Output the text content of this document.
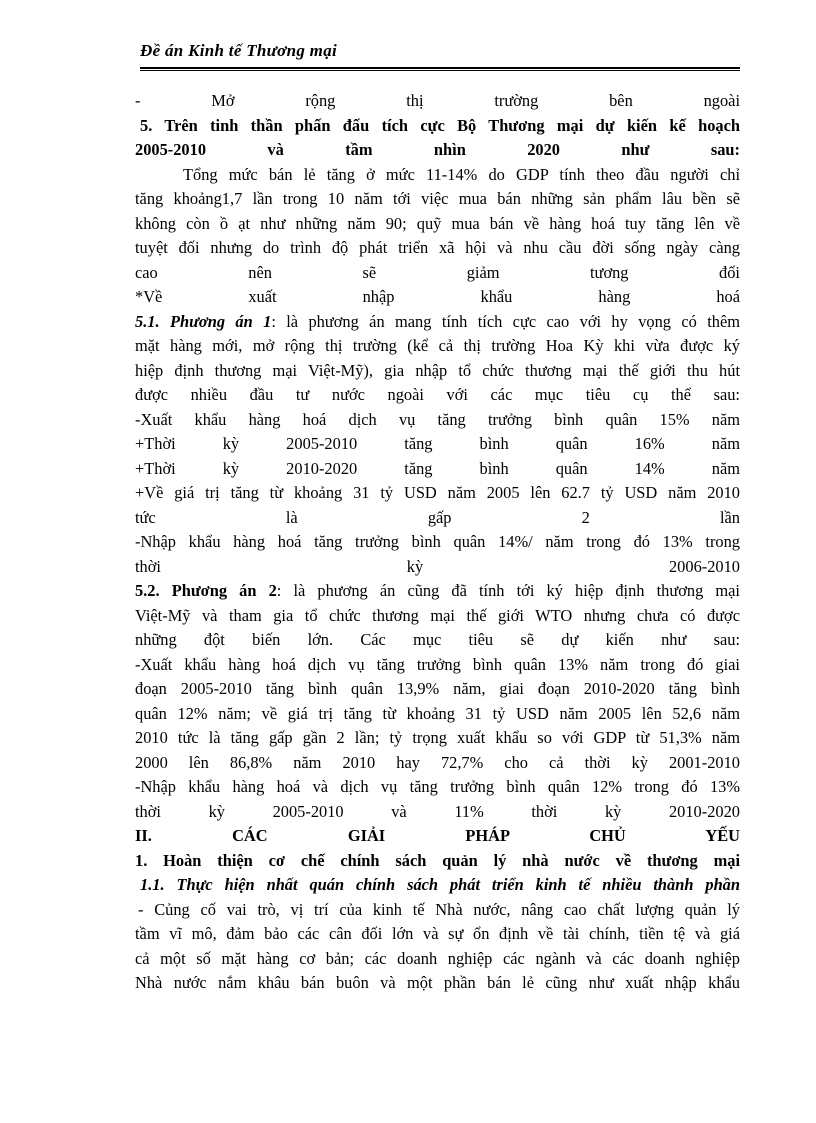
Đề án Kinh tế Thương mại
- Mở rộng thị trường bên ngoài
5. Trên tinh thần phấn đấu tích cực Bộ Thương mại dự kiến kế hoạch
2005-2010 và tầm nhìn 2020 như sau:
Tổng mức bán lẻ tăng ở mức 11-14% do GDP tính theo đầu người chỉ
tăng khoảng1,7 lần trong 10 năm tới việc mua bán những sản phẩm lâu bền sẽ
không còn ồ ạt như những năm 90; quỹ mua bán về hàng hoá tuy tăng lên về
tuyệt đối nhưng do trình độ phát triển xã hội và nhu cầu đời sống ngày càng
cao nên sẽ giảm tương đối
*Về xuất nhập khẩu hàng hoá
5.1. Phương án 1: là phương án mang tính tích cực cao với hy vọng có thêm
mặt hàng mới, mở rộng thị trường (kể cả thị trường Hoa Kỳ khi vừa được ký
hiệp định thương mại Việt-Mỹ), gia nhập tổ chức thương mại thế giới thu hút
được nhiều đầu tư nước ngoài với các mục tiêu cụ thể sau:
-Xuất khẩu hàng hoá dịch vụ tăng trưởng bình quân 15% năm
+Thời kỳ 2005-2010 tăng bình quân 16% năm
+Thời kỳ 2010-2020 tăng bình quân 14% năm
+Về giá trị tăng từ khoảng 31 tỷ USD năm 2005 lên 62.7 tỷ USD năm 2010
tức là gấp 2 lần
-Nhập khẩu hàng hoá tăng trưởng bình quân 14%/ năm trong đó 13% trong
thời kỳ 2006-2010
5.2. Phương án 2: là phương án cũng đã tính tới ký hiệp định thương mại
Việt-Mỹ và tham gia tổ chức thương mại thế giới WTO nhưng chưa có được
những đột biến lớn. Các mục tiêu sẽ dự kiến như sau:
-Xuất khẩu hàng hoá dịch vụ tăng trưởng bình quân 13% năm trong đó giai
đoạn 2005-2010 tăng bình quân 13,9% năm, giai đoạn 2010-2020 tăng bình
quân 12% năm; về giá trị tăng từ khoảng 31 tỷ USD năm 2005 lên 52,6 năm
2010 tức là tăng gấp gần 2 lần; tỷ trọng xuất khẩu so với GDP từ 51,3% năm
2000 lên 86,8% năm 2010 hay 72,7% cho cả thời kỳ 2001-2010
-Nhập khẩu hàng hoá và dịch vụ tăng trưởng bình quân 12% trong đó 13%
thời kỳ 2005-2010 và 11% thời kỳ 2010-2020
II. CÁC GIẢI PHÁP CHỦ YẾU
1. Hoàn thiện cơ chế chính sách quản lý nhà nước về thương mại
1.1. Thực hiện nhất quán chính sách phát triển kinh tế nhiều thành phần
- Củng cố vai trò, vị trí của kinh tế Nhà nước, nâng cao chất lượng quản lý
tầm vĩ mô, đảm bảo các cân đối lớn và sự ổn định về tài chính, tiền tệ và giá
cả một số mặt hàng cơ bản; các doanh nghiệp các ngành và các doanh nghiệp
Nhà nước nắm khâu bán buôn và một phần bán lẻ cũng như xuất nhập khẩu
